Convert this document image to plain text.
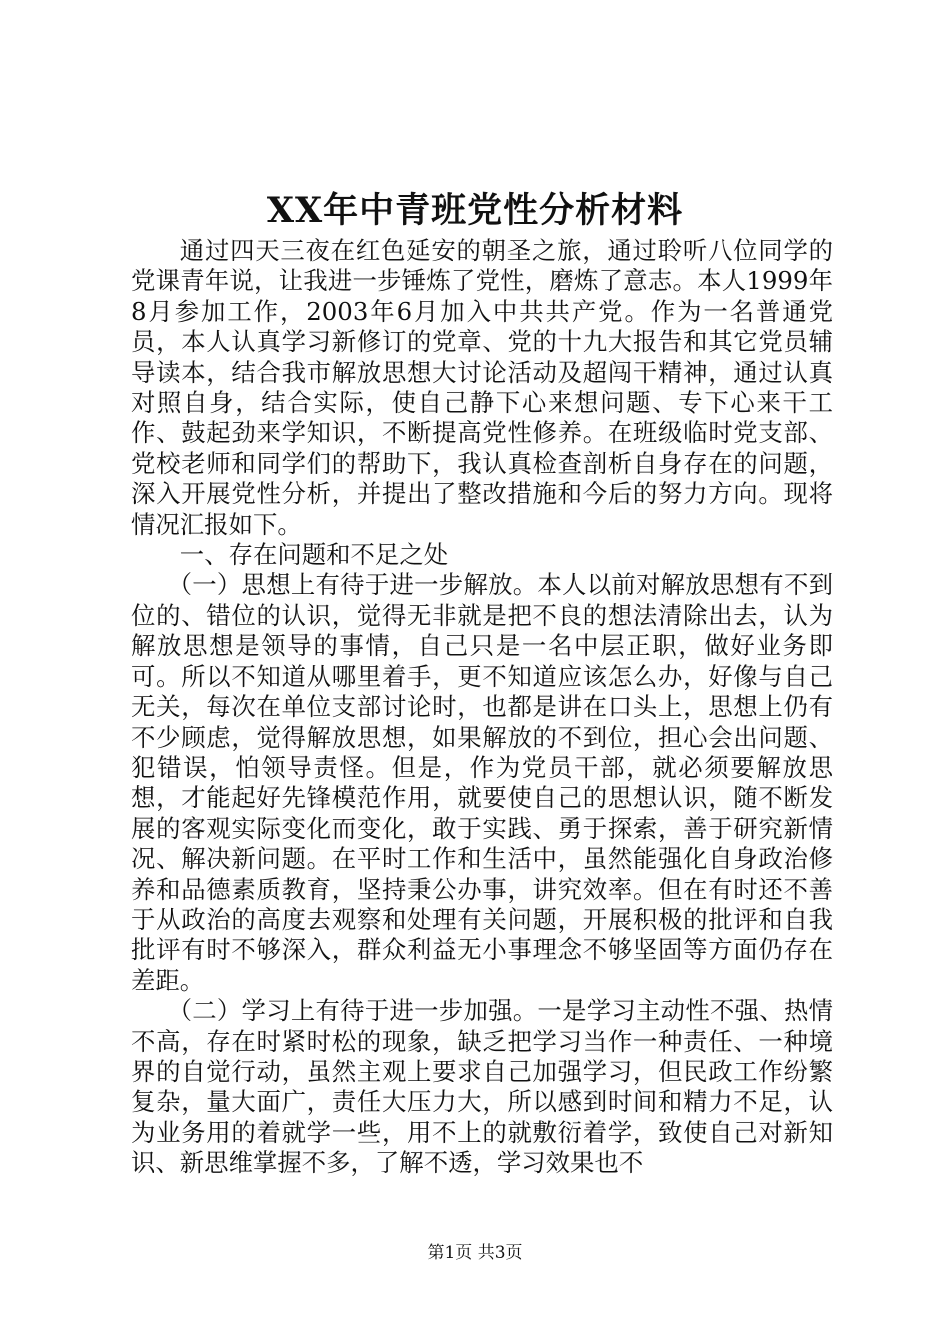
XX年中青班党性分析材料

通过四天三夜在红色延安的朝圣之旅，通过聆听八位同学的党课青年说，让我进一步锤炼了党性，磨炼了意志。本人1999年8月参加工作，2003年6月加入中共共产党。作为一名普通党员，本人认真学习新修订的党章、党的十九大报告和其它党员辅导读本，结合我市解放思想大讨论活动及超闯干精神，通过认真对照自身，结合实际，使自己静下心来想问题、专下心来干工作、鼓起劲来学知识，不断提高党性修养。在班级临时党支部、党校老师和同学们的帮助下，我认真检查剖析自身存在的问题，深入开展党性分析，并提出了整改措施和今后的努力方向。现将情况汇报如下。

一、存在问题和不足之处

（一）思想上有待于进一步解放。本人以前对解放思想有不到位的、错位的认识，觉得无非就是把不良的想法清除出去，认为解放思想是领导的事情，自己只是一名中层正职，做好业务即可。所以不知道从哪里着手，更不知道应该怎么办，好像与自己无关，每次在单位支部讨论时，也都是讲在口头上，思想上仍有不少顾虑，觉得解放思想，如果解放的不到位，担心会出问题、犯错误，怕领导责怪。但是，作为党员干部，就必须要解放思想，才能起好先锋模范作用，就要使自己的思想认识，随不断发展的客观实际变化而变化，敢于实践、勇于探索，善于研究新情况、解决新问题。在平时工作和生活中，虽然能强化自身政治修养和品德素质教育，坚持秉公办事，讲究效率。但在有时还不善于从政治的高度去观察和处理有关问题，开展积极的批评和自我批评有时不够深入，群众利益无小事理念不够坚固等方面仍存在差距。

（二）学习上有待于进一步加强。一是学习主动性不强、热情不高，存在时紧时松的现象，缺乏把学习当作一种责任、一种境界的自觉行动，虽然主观上要求自己加强学习，但民政工作纷繁复杂，量大面广，责任大压力大，所以感到时间和精力不足，认为业务用的着就学一些，用不上的就敷衍着学，致使自己对新知识、新思维掌握不多，了解不透，学习效果也不

第1页 共3页
